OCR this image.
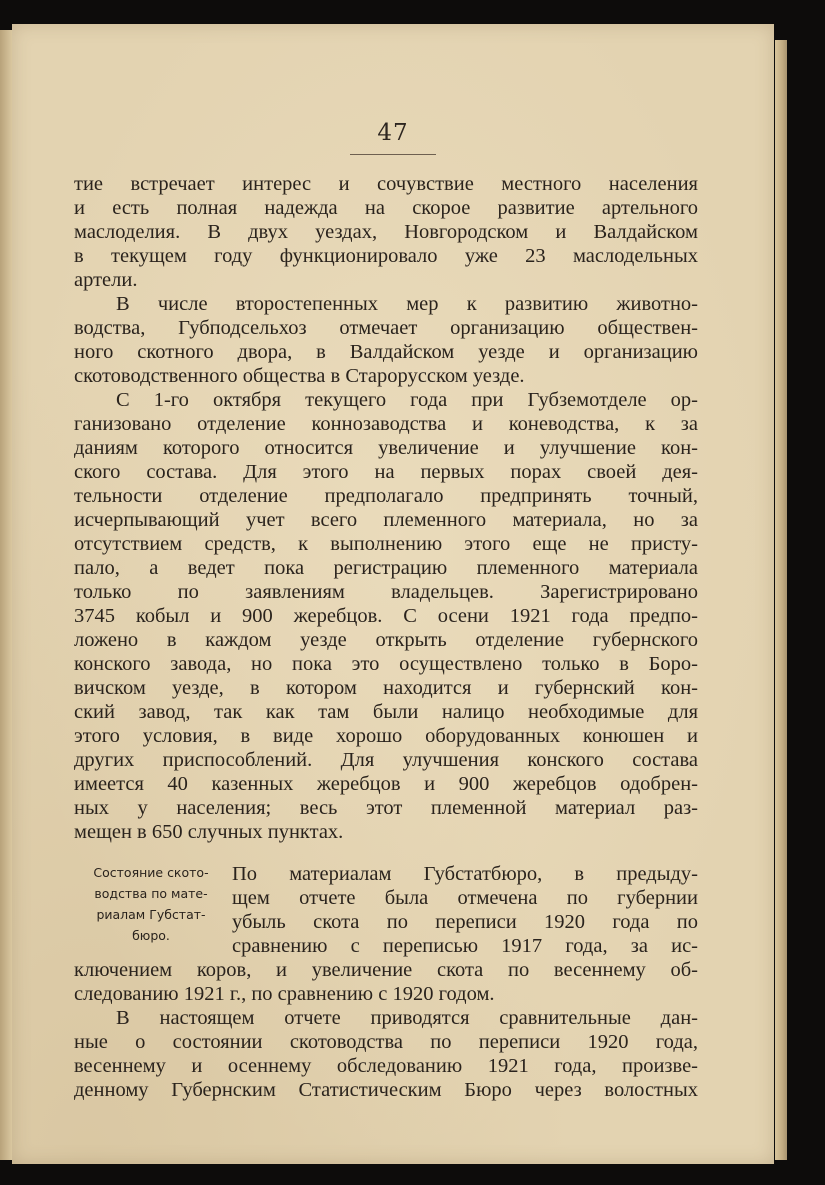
47

тие встречает интерес и сочувствие местного населения

и есть полная надежда на скорое развитие артельного

маслоделия. В двух уездах, Новгородском и Валдайском

в текущем году функционировало уже 23 маслодельных

артели.

В числе второстепенных мер к развитию животно-

водства, Губподсельхоз отмечает организацию обществен-

ного скотного двора, в Валдайском уезде и организацию

скотоводственного общества в Старорусском уезде.

С 1-го октября текущего года при Губземотделе ор-

ганизовано отделение коннозаводства и коневодства, к за

даниям которого относится увеличение и улучшение кон-

ского состава. Для этого на первых порах своей дея-

тельности отделение предполагало предпринять точный,

исчерпывающий учет всего племенного материала, но за

отсутствием средств, к выполнению этого еще не присту-

пало, а ведет пока регистрацию племенного материала

только по заявлениям владельцев. Зарегистрировано

3745 кобыл и 900 жеребцов. С осени 1921 года предпо-

ложено в каждом уезде открыть отделение губернского

конского завода, но пока это осуществлено только в Боро-

вичском уезде, в котором находится и губернский кон-

ский завод, так как там были налицо необходимые для

этого условия, в виде хорошо оборудованных конюшен и

других приспособлений. Для улучшения конского состава

имеется 40 казенных жеребцов и 900 жеребцов одобрен-

ных у населения; весь этот племенной материал раз-

мещен в 650 случных пунктах.

Состояние ското-
водства по мате-
риалам Губстат-
бюро.

По материалам Губстатбюро, в предыду-

щем отчете была отмечена по губернии

убыль скота по переписи 1920 года по

сравнению с переписью 1917 года, за ис-

ключением коров, и увеличение скота по весеннему об-

следованию 1921 г., по сравнению с 1920 годом.

В настоящем отчете приводятся сравнительные дан-

ные о состоянии скотоводства по переписи 1920 года,

весеннему и осеннему обследованию 1921 года, произве-

денному Губернским Статистическим Бюро через волостных
